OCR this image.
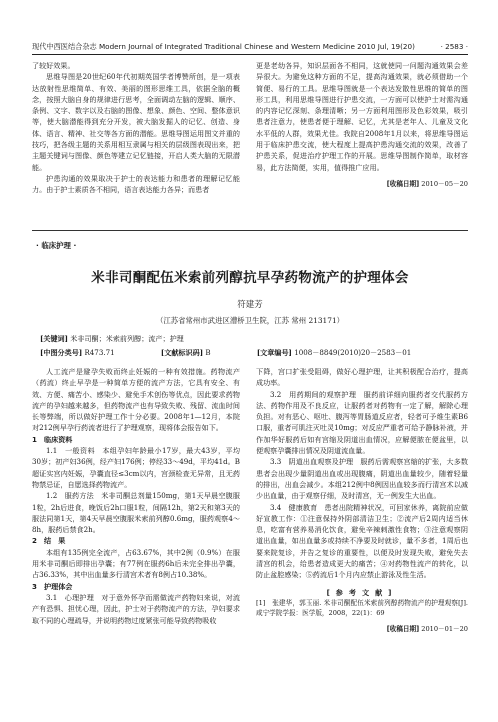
现代中西医结合杂志 Modern Journal of Integrated Traditional Chinese and Western Medicine 2010 Jul, 19(20)	· 2583 ·

了较好效果。

思维导图是20世纪60年代初期英国学者博赞所创，是一项表达放射性思维简单、有效、美丽的图形思维工具，依据全脑的概念，按照大脑自身的规律进行思考，全面调动左脑的逻辑、顺序、条例、文字、数字以及右脑的图像、想象、颜色、空间、整体意识等，使大脑潜能得到充分开发，被大脑发掘人的记忆、创造、身体、语言、精神、社交等各方面的潜能。思维导图运用图文并重的技巧，把各级主题的关系用相互隶属与相关的层级图表现出来，把主题关键词与图像、颜色等建立记忆链接，开启人类大脑的无限潜能。

护患沟通的效果取决于护士的表达能力和患者的理解记忆能力。由于护士素质各不相同，语言表达能力各异；而患者

更是老幼各异，知识层面各不相同，这就使同一问题沟通效果会差异很大。为避免这种方面的不足，提高沟通效果，就必须借助一个简便、易行的工具。思维导图就是一个表达发散性思维的简单的图形工具，利用思维导图进行护患交流，一方面可以使护士对需沟通的内容记忆深刻、条理清晰；另一方面利用图形及色彩效果，吸引患者注意力，使患者便于理解、记忆，尤其是老年人、儿童及文化水平低的人群，效果尤佳。我院自2008年1月以来，将思维导图运用于临床护患交流，使大程度上提高护患沟通交流的效果，改善了护患关系，促进治疗护理工作的开展。思维导图制作简单，取材容易，此方法简便，实用，值得推广应用。

[收稿日期] 2010－05－20
· 临床护理 ·
米非司酮配伍米索前列醇抗早孕药物流产的护理体会
符建芳
（江苏省常州市武进区漕桥卫生院，江苏 常州 213171）
[关键词] 米非司酮；米索前列醇；流产；护理
[中图分类号] R473.71	[文献标识码] B	[文章编号] 1008－8849(2010)20－2583－01

人工流产是避孕失败而终止妊娠的一种有效措施。药物流产（药流）终止早孕是一种简单方便的流产方法，它具有安全、有效、方便、痛苦小、感染少、避免手术创伤等优点，因此要求药物流产的孕妇越来越多，但药物流产也有导致失败、残留、流血时间长等弊端，所以做好护理工作十分必要。2008年1—12月，本院对212例早孕行药流者进行了护理观察，现将体会报告如下。

1　临床资料

1.1　一般资料　本组孕妇年龄最小17岁，最大43岁，平均30岁；初产妇36例，经产妇176例；停经33～49d，平均41d。B超证实宫内妊娠，孕囊直径≤3cm以内，宫颈检查无异常，且无药物禁忌证，自愿选择药物流产。

1.2　服药方法　米非司酮总剂量150mg，第1天早晨空腹服1粒，2h后进食，晚饭后2h口服1粒，间隔12h，第2天和第3天的服法同第1天，第4天早晨空腹服米索前列醇0.6mg，服药观察4～8h，服药后禁食2h。

2　结　果

本组有135例完全流产，占63.67%，其中2例（0.9%）在服用米非司酮后即排出孕囊；有77例在服药6h后未完全排出孕囊，占36.33%，其中出血量多行清宫术者有8例占10.38%。

3　护理体会

3.1　心理护理　对于意外怀孕而需做流产药物妇来说，对流产有恐惧、担忧心理，因此，护士对于药物流产的方法，孕妇要求取不同的心理疏导，并说明药物过度紧张可能导致药物吸收

下降，宫口扩张受阻碍，做好心理护理，让其积极配合治疗，提高成功率。

3.2　用药期间的观察护理　服药前详细向服药者交代服药方法、药物作用及不良反应，让服药者对药物有一定了解，解除心理负担。对有恶心、呕吐、腹泻等胃肠道反应者，轻者可予维生素B6口服，重者可肌注灭吐灵10mg；对反应严重者可给予静脉补液，并作加华好服药后如有宫缩及阴道出血情况，应解便脓在便盆里，以便观察孕囊排出情况及阴道流血量。

3.3　阴道出血观察及护理　服药后需观察宫缩的扩张，大多数患者会出现少量阴道出血或出现腹痛，阴道出血量较少，随着轻量的排出，出血会减少。本组212例中8例因出血较多而行清宫术以减少出血量，由于观察仔细，及时清宫，无一例发生大出血。

3.4　健康教育　患者出院精神状况，可回家休养，离院前应做好宣教工作：①注意保持外阴部清洁卫生；②流产后2周内适当休息，吃富有营养易消化饮食，避免辛辣刺激性食物；③注意观察阴道出血量，如出血量多或持续不净要及时就诊，量不多者，1周后也要来院复诊，并告之复诊的重要性，以便及时发现失败，避免失去清宫的机会，给患者造成更大的痛苦；④对药物性流产的转化，以防止盆腔感染；⑤药流后1个月内应禁止游泳及性生活。

[参考文献]

[1]　张建华，郭玉丽. 米非司酮配伍米索前列醇药物流产的护理观察[J]. 咸宁学院学报：医学版，2008，22(1)：69

[收稿日期] 2010－01－20
